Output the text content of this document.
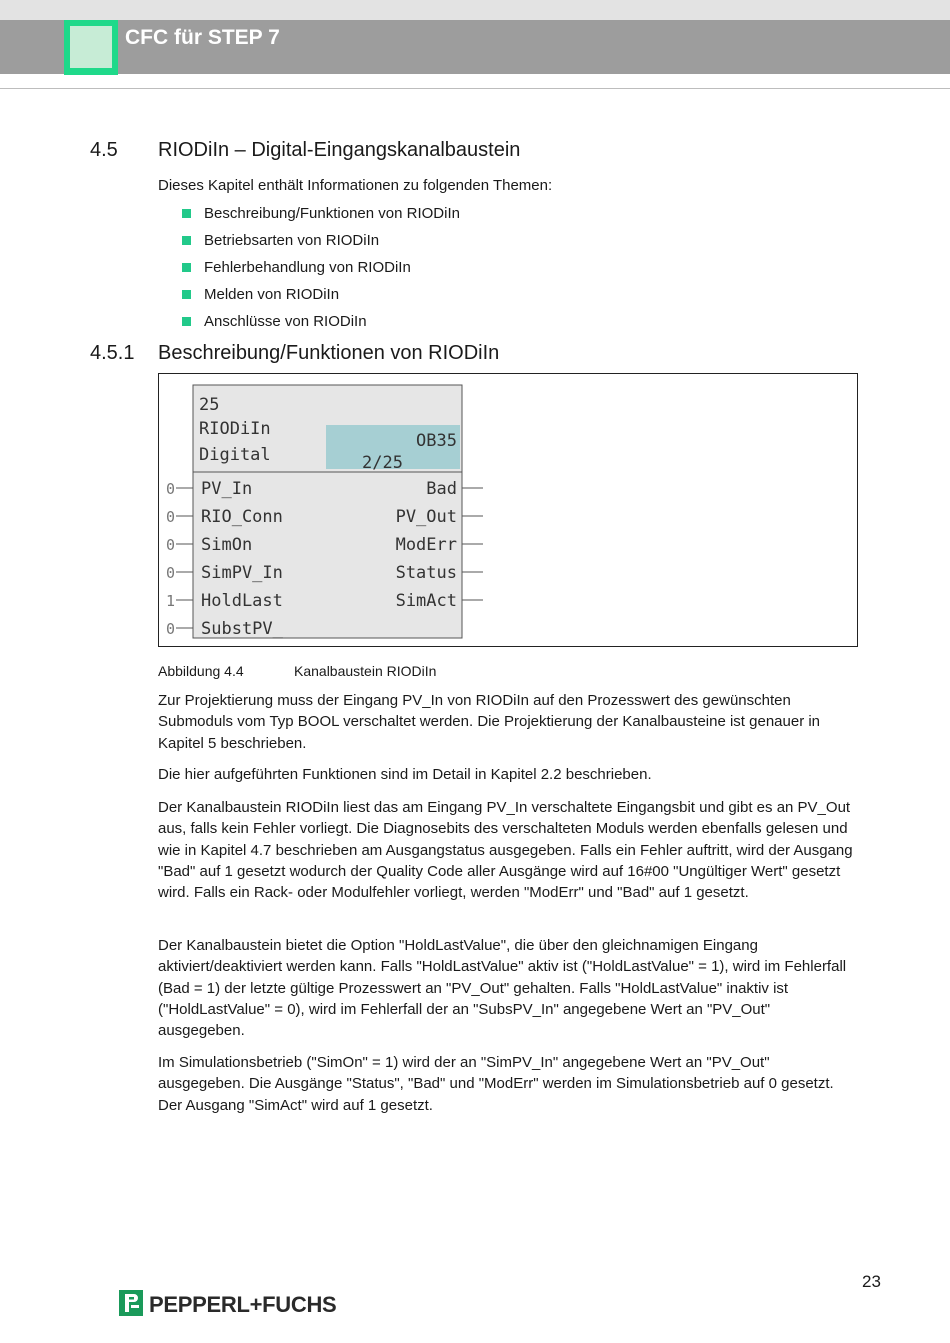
CFC für STEP 7
4.5 RIODiIn – Digital-Eingangskanalbaustein
Dieses Kapitel enthält Informationen zu folgenden Themen:
Beschreibung/Funktionen von RIODiIn
Betriebsarten von RIODiIn
Fehlerbehandlung von RIODiIn
Melden von RIODiIn
Anschlüsse von RIODiIn
4.5.1 Beschreibung/Funktionen von RIODiIn
25
RIODiIn
Digital
OB35
2/25
0 PV_In
0 RIO_Conn
0 SimOn
0 SimPV_In
1 HoldLast
0 SubstPV_
Bad
PV_Out
ModErr
Status
SimAct
Abbildung 4.4	Kanalbaustein RIODiIn
Zur Projektierung muss der Eingang PV_In von RIODiIn auf den Prozesswert des gewünschten Submoduls vom Typ BOOL verschaltet werden. Die Projektierung der Kanalbausteine ist genauer in Kapitel 5 beschrieben.
Die hier aufgeführten Funktionen sind im Detail in Kapitel 2.2 beschrieben.
Der Kanalbaustein RIODiIn liest das am Eingang PV_In verschaltete Eingangsbit und gibt es an PV_Out aus, falls kein Fehler vorliegt. Die Diagnosebits des verschalteten Moduls werden ebenfalls gelesen und wie in Kapitel 4.7 beschrieben am Ausgangstatus ausgegeben. Falls ein Fehler auftritt, wird der Ausgang "Bad" auf 1 gesetzt wodurch der Quality Code aller Ausgänge wird auf 16#00 "Ungültiger Wert" gesetzt wird. Falls ein Rack- oder Modulfehler vorliegt, werden "ModErr" und "Bad" auf 1 gesetzt.
Der Kanalbaustein bietet die Option "HoldLastValue", die über den gleichnamigen Eingang aktiviert/deaktiviert werden kann. Falls "HoldLastValue" aktiv ist ("HoldLastValue" = 1), wird im Fehlerfall (Bad = 1) der letzte gültige Prozesswert an "PV_Out" gehalten. Falls "HoldLastValue" inaktiv ist ("HoldLastValue" = 0), wird im Fehlerfall der an "SubsPV_In" angegebene Wert an "PV_Out" ausgegeben.
Im Simulationsbetrieb ("SimOn" = 1) wird der an "SimPV_In" angegebene Wert an "PV_Out" ausgegeben. Die Ausgänge "Status", "Bad" und "ModErr" werden im Simulationsbetrieb auf 0 gesetzt. Der Ausgang "SimAct" wird auf 1 gesetzt.
23
PEPPERL+FUCHS
